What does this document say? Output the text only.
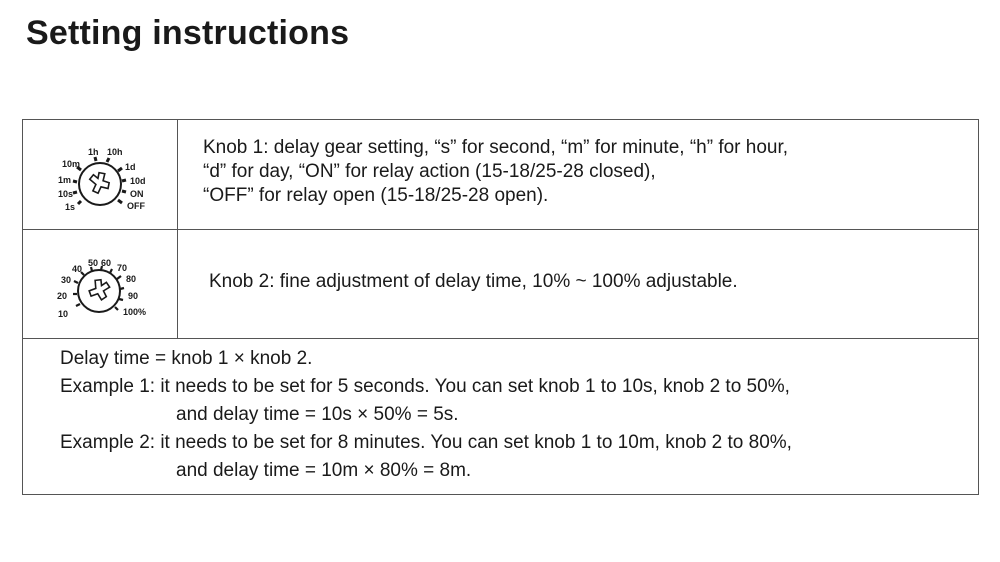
Setting instructions
1s
10s
1m
10m
1h 10h
1d
10d
ON
OFF
Knob 1: delay gear setting, “s” for second, “m” for minute, “h” for hour,
“d” for day, “ON” for relay action (15-18/25-28 closed),
“OFF” for relay open (15-18/25-28 open).
10
20
30
40
50 60 70
80
90
100%
Knob 2: fine adjustment of delay time, 10% ~ 100% adjustable.
Delay time = knob 1 × knob 2.
Example 1: it needs to be set for 5 seconds. You can set knob 1 to 10s, knob 2 to 50%,
and delay time = 10s × 50% = 5s.
Example 2: it needs to be set for 8 minutes. You can set knob 1 to 10m, knob 2 to 80%,
and delay time = 10m × 80% = 8m.
